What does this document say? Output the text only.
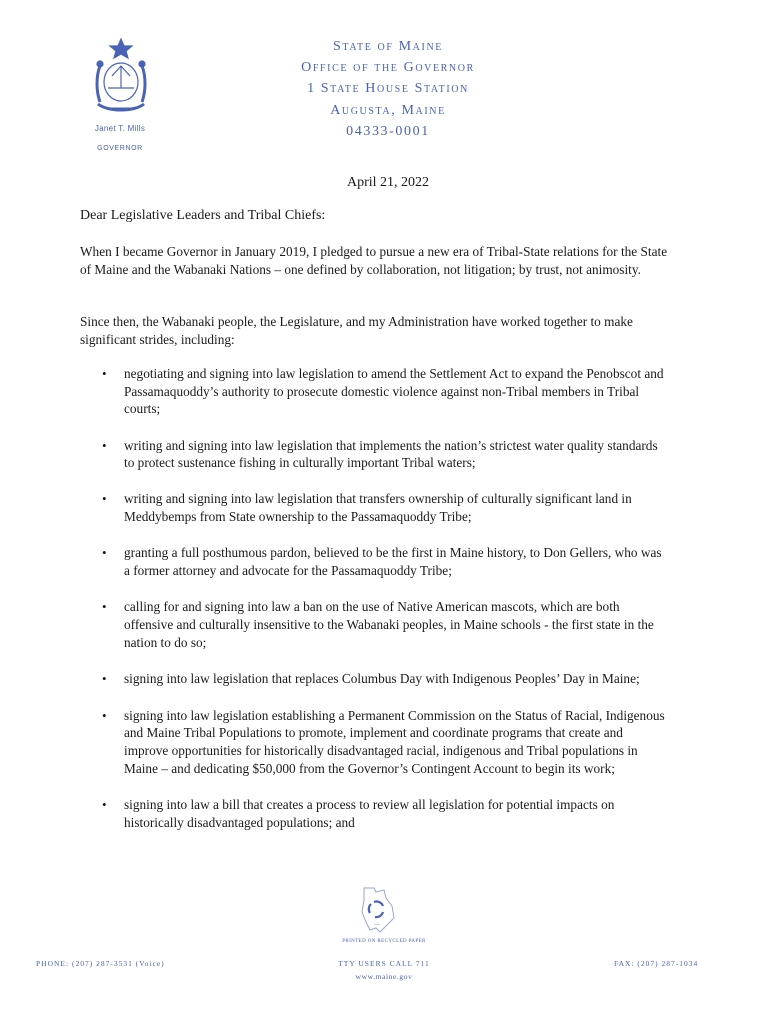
Janet T. Mills
GOVERNOR
State of Maine
Office of the Governor
1 State House Station
Augusta, Maine
04333-0001
April 21, 2022
Dear Legislative Leaders and Tribal Chiefs:
When I became Governor in January 2019, I pledged to pursue a new era of Tribal-State relations for the State of Maine and the Wabanaki Nations – one defined by collaboration, not litigation; by trust, not animosity.
Since then, the Wabanaki people, the Legislature, and my Administration have worked together to make significant strides, including:
• negotiating and signing into law legislation to amend the Settlement Act to expand the Penobscot and Passamaquoddy’s authority to prosecute domestic violence against non-Tribal members in Tribal courts;
• writing and signing into law legislation that implements the nation’s strictest water quality standards to protect sustenance fishing in culturally important Tribal waters;
• writing and signing into law legislation that transfers ownership of culturally significant land in Meddybemps from State ownership to the Passamaquoddy Tribe;
• granting a full posthumous pardon, believed to be the first in Maine history, to Don Gellers, who was a former attorney and advocate for the Passamaquoddy Tribe;
• calling for and signing into law a ban on the use of Native American mascots, which are both offensive and culturally insensitive to the Wabanaki peoples, in Maine schools - the first state in the nation to do so;
• signing into law legislation that replaces Columbus Day with Indigenous Peoples’ Day in Maine;
• signing into law legislation establishing a Permanent Commission on the Status of Racial, Indigenous and Maine Tribal Populations to promote, implement and coordinate programs that create and improve opportunities for historically disadvantaged racial, indigenous and Tribal populations in Maine – and dedicating $50,000 from the Governor’s Contingent Account to begin its work;
• signing into law a bill that creates a process to review all legislation for potential impacts on historically disadvantaged populations; and
~~
PRINTED ON RECYCLED PAPER
PHONE: (207) 287-3531 (Voice)	TTY USERS CALL 711	FAX: (207) 287-1034
www.maine.gov
